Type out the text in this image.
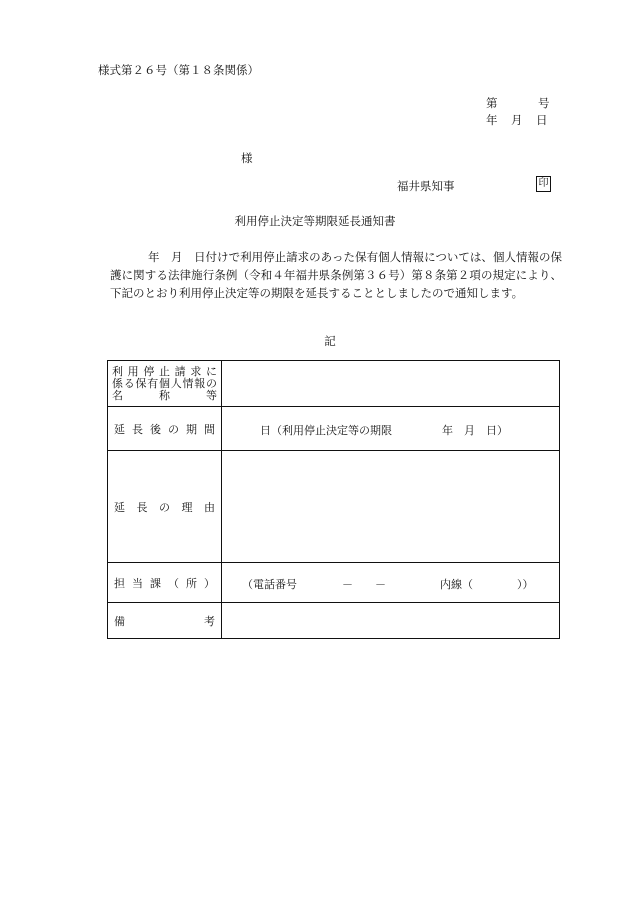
様式第２６号（第１８条関係）
第	号
年　月　日
様
福井県知事	印
利用停止決定等期限延長通知書
年　月　日付けで利用停止請求のあった保有個人情報については、個人情報の保護に関する法律施行条例（令和４年福井県条例第３６号）第８条第２項の規定により、下記のとおり利用停止決定等の期限を延長することとしましたので通知します。
記
利用停止請求に
係る保有個人情報の
名　　称　　等	

延長後の期間	日（利用停止決定等の期限 年　月　日）

延長の理由	

担当課（所）	（電話番号 －　　－ 内線（　　　　））

備考	
